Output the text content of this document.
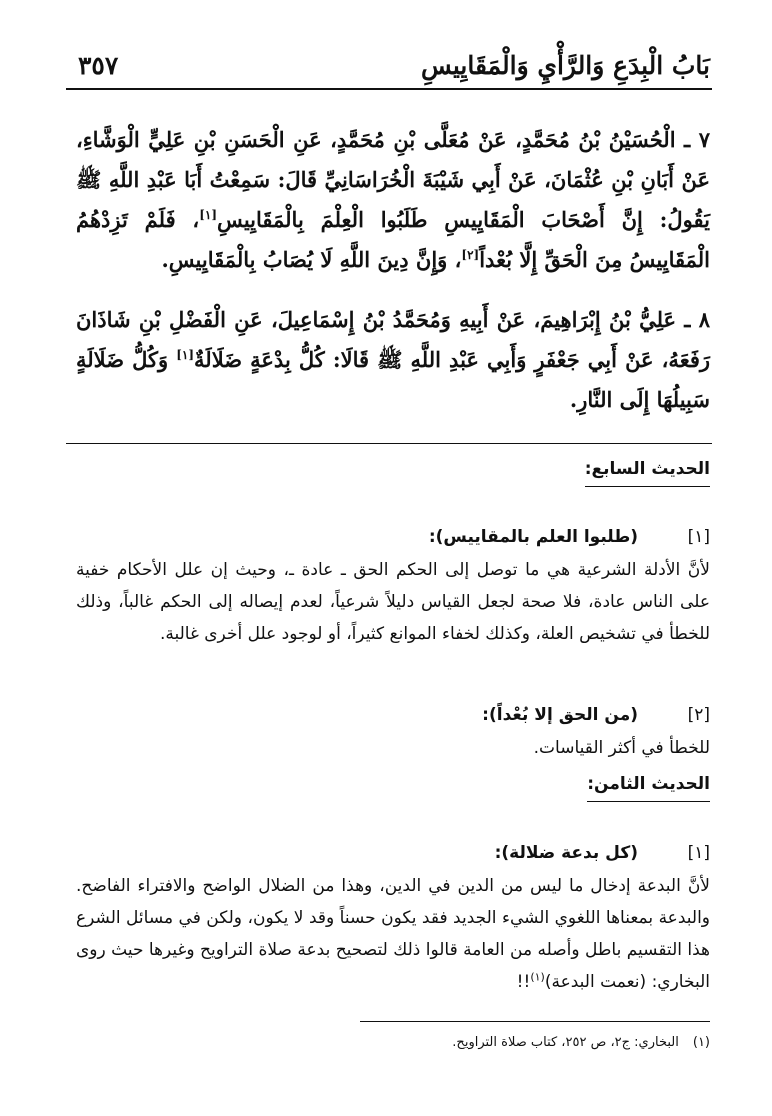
بَابُ الْبِدَعِ وَالرَّأْيِ وَالْمَقَايِيسِ
٣٥٧
٧ ـ الْحُسَيْنُ بْنُ مُحَمَّدٍ، عَنْ مُعَلَّى بْنِ مُحَمَّدٍ، عَنِ الْحَسَنِ بْنِ عَلِيٍّ الْوَشَّاءِ، عَنْ أَبَانِ بْنِ عُثْمَانَ، عَنْ أَبِي شَيْبَةَ الْخُرَاسَانِيِّ قَالَ: سَمِعْتُ أَبَا عَبْدِ اللَّهِ ﷺ يَقُولُ: إِنَّ أَصْحَابَ الْمَقَايِيسِ طَلَبُوا الْعِلْمَ بِالْمَقَايِيسِ[١]، فَلَمْ تَزِدْهُمُ الْمَقَايِيسُ مِنَ الْحَقِّ إِلَّا بُعْداً[٢]، وَإِنَّ دِينَ اللَّهِ لَا يُصَابُ بِالْمَقَايِيسِ.
٨ ـ عَلِيُّ بْنُ إِبْرَاهِيمَ، عَنْ أَبِيهِ وَمُحَمَّدُ بْنُ إِسْمَاعِيلَ، عَنِ الْفَضْلِ بْنِ شَاذَانَ رَفَعَهُ، عَنْ أَبِي جَعْفَرٍ وَأَبِي عَبْدِ اللَّهِ ﷺ قَالَا: كُلُّ بِدْعَةٍ ضَلَالَةٌ[١] وَكُلُّ ضَلَالَةٍ سَبِيلُهَا إِلَى النَّارِ.
الحديث السابع:
[١]
(طلبوا العلم بالمقاييس):
لأنَّ الأدلة الشرعية هي ما توصل إلى الحكم الحق ـ عادة ـ، وحيث إن علل الأحكام خفية على الناس عادة، فلا صحة لجعل القياس دليلاً شرعياً، لعدم إيصاله إلى الحكم غالباً، وذلك للخطأ في تشخيص العلة، وكذلك لخفاء الموانع كثيراً، أو لوجود علل أخرى غالبة.
[٢]
(من الحق إلا بُعْداً):
للخطأ في أكثر القياسات.
الحديث الثامن:
[١]
(كل بدعة ضلالة):
لأنَّ البدعة إدخال ما ليس من الدين في الدين، وهذا من الضلال الواضح والافتراء الفاضح. والبدعة بمعناها اللغوي الشيء الجديد فقد يكون حسناً وقد لا يكون، ولكن في مسائل الشرع هذا التقسيم باطل وأصله من العامة قالوا ذلك لتصحيح بدعة صلاة التراويح وغيرها حيث روى البخاري: (نعمت البدعة)$^{(١)}$!!
(١)البخاري: ج٢، ص ٢٥٢، كتاب صلاة التراويح.
